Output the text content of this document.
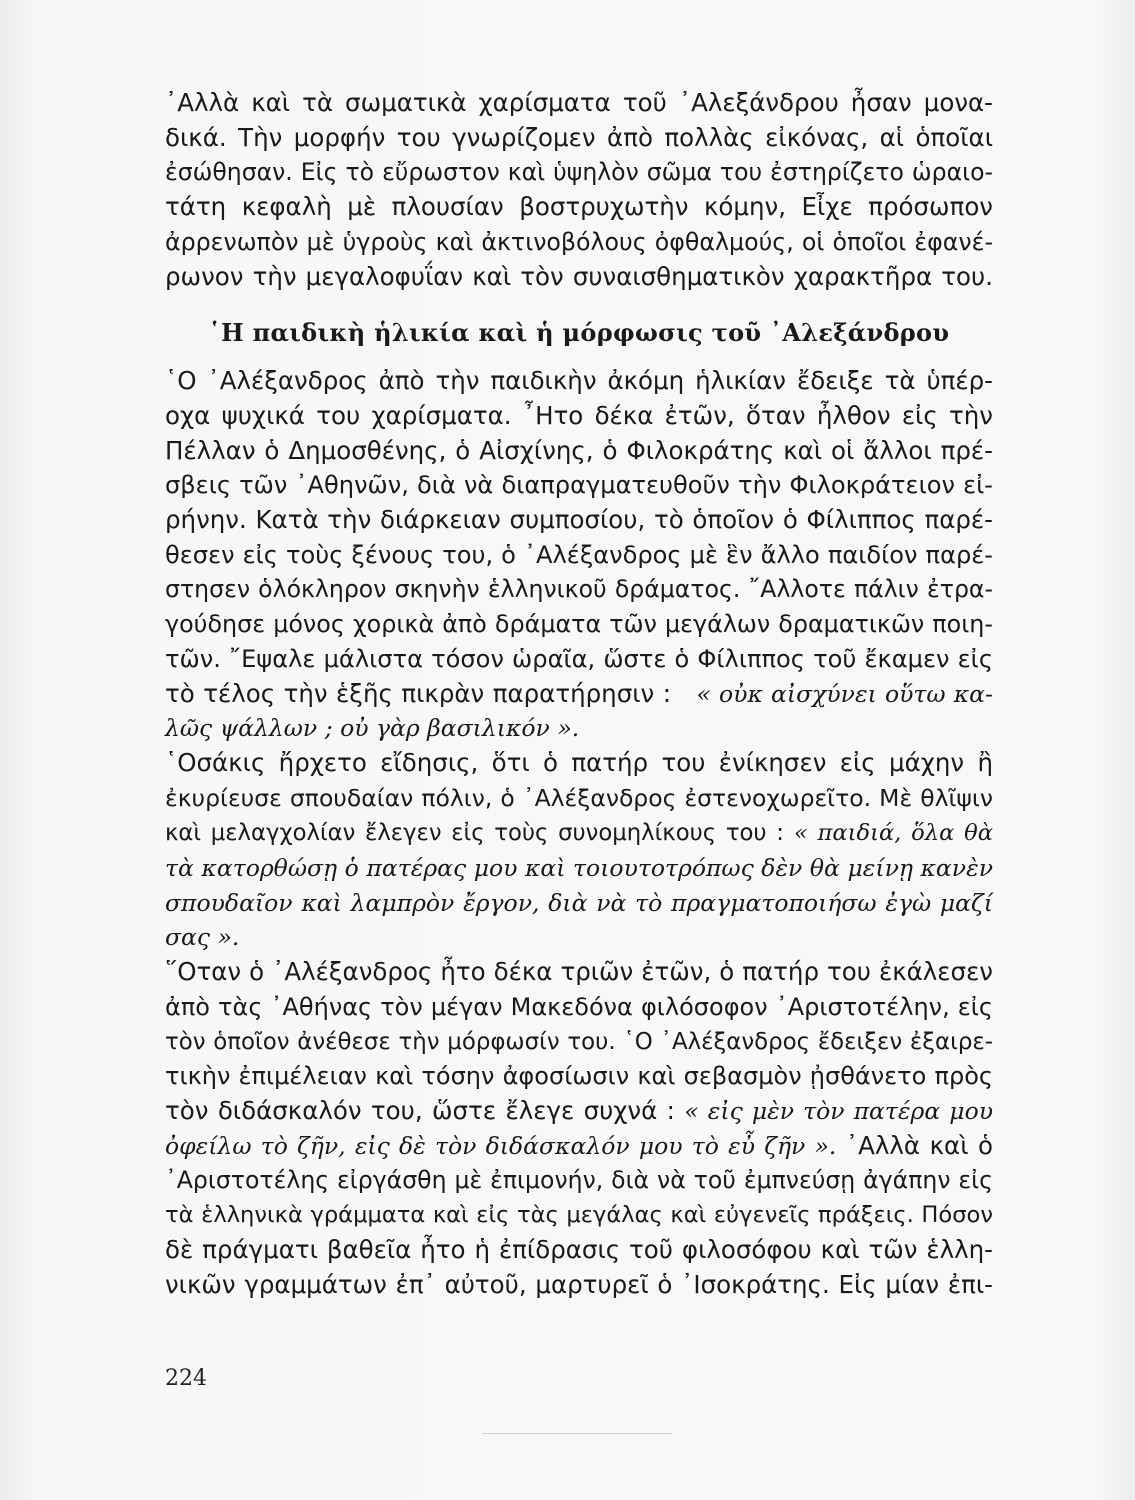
᾿Αλλὰ καὶ τὰ σωματικὰ χαρίσματα τοῦ ᾿Αλεξάνδρου ἦσαν μονα-
δικά. Τὴν μορφήν του γνωρίζομεν ἀπὸ πολλὰς εἰκόνας, αἱ ὁποῖαι
ἐσώθησαν. Εἰς τὸ εὔρωστον καὶ ὑψηλὸν σῶμα του ἐστηρίζετο ὡραιο-
τάτη κεφαλὴ μὲ πλουσίαν βοστρυχωτὴν κόμην, Εἶχε πρόσωπον
ἀρρενωπὸν μὲ ὑγροὺς καὶ ἀκτινοβόλους ὀφθαλμούς, οἱ ὁποῖοι ἐφανέ-
ρωνον τὴν μεγαλοφυΐαν καὶ τὸν συναισθηματικὸν χαρακτῆρα του.
῾Η παιδικὴ ἡλικία καὶ ἡ μόρφωσις τοῦ ᾿Αλεξάνδρου
῾Ο ᾿Αλέξανδρος ἀπὸ τὴν παιδικὴν ἀκόμη ἡλικίαν ἔδειξε τὰ ὑπέρ-
οχα ψυχικά του χαρίσματα. ῏Ητο δέκα ἐτῶν, ὅταν ἦλθον εἰς τὴν
Πέλλαν ὁ Δημοσθένης, ὁ Αἰσχίνης, ὁ Φιλοκράτης καὶ οἱ ἄλλοι πρέ-
σβεις τῶν ᾿Αθηνῶν, διὰ νὰ διαπραγματευθοῦν τὴν Φιλοκράτειον εἰ-
ρήνην. Κατὰ τὴν διάρκειαν συμποσίου, τὸ ὁποῖον ὁ Φίλιππος παρέ-
θεσεν εἰς τοὺς ξένους του, ὁ ᾿Αλέξανδρος μὲ ἓν ἄλλο παιδίον παρέ-
στησεν ὁλόκληρον σκηνὴν ἑλληνικοῦ δράματος. ῎Αλλοτε πάλιν ἐτρα-
γούδησε μόνος χορικὰ ἀπὸ δράματα τῶν μεγάλων δραματικῶν ποιη-
τῶν. ῎Εψαλε μάλιστα τόσον ὡραῖα, ὥστε ὁ Φίλιππος τοῦ ἔκαμεν εἰς
τὸ τέλος τὴν ἑξῆς πικρὰν παρατήρησιν : « οὐκ αἰσχύνει οὕτω κα-
λῶς ψάλλων ; οὐ γὰρ βασιλικόν ».
῾Οσάκις ἤρχετο εἴδησις, ὅτι ὁ πατήρ του ἐνίκησεν εἰς μάχην ἢ
ἐκυρίευσε σπουδαίαν πόλιν, ὁ ᾿Αλέξανδρος ἐστενοχωρεῖτο. Μὲ θλῖψιν
καὶ μελαγχολίαν ἔλεγεν εἰς τοὺς συνομηλίκους του : « παιδιά, ὅλα θὰ
τὰ κατορθώσῃ ὁ πατέρας μου καὶ τοιουτοτρόπως δὲν θὰ μείνῃ κανὲν
σπουδαῖον καὶ λαμπρὸν ἔργον, διὰ νὰ τὸ πραγματοποιήσω ἐγὼ μαζί
σας ».
῞Οταν ὁ ᾿Αλέξανδρος ἦτο δέκα τριῶν ἐτῶν, ὁ πατήρ του ἐκάλεσεν
ἀπὸ τὰς ᾿Αθήνας τὸν μέγαν Μακεδόνα φιλόσοφον ᾿Αριστοτέλην, εἰς
τὸν ὁποῖον ἀνέθεσε τὴν μόρφωσίν του. ῾Ο ᾿Αλέξανδρος ἔδειξεν ἐξαιρε-
τικὴν ἐπιμέλειαν καὶ τόσην ἀφοσίωσιν καὶ σεβασμὸν ᾐσθάνετο πρὸς
τὸν διδάσκαλόν του, ὥστε ἔλεγε συχνά : « εἰς μὲν τὸν πατέρα μου
ὀφείλω τὸ ζῆν, εἰς δὲ τὸν διδάσκαλόν μου τὸ εὖ ζῆν ». ᾿Αλλὰ καὶ ὁ
᾿Αριστοτέλης εἰργάσθη μὲ ἐπιμονήν, διὰ νὰ τοῦ ἐμπνεύσῃ ἀγάπην εἰς
τὰ ἑλληνικὰ γράμματα καὶ εἰς τὰς μεγάλας καὶ εὐγενεῖς πράξεις. Πόσον
δὲ πράγματι βαθεῖα ἦτο ἡ ἐπίδρασις τοῦ φιλοσόφου καὶ τῶν ἑλλη-
νικῶν γραμμάτων ἐπ᾿ αὐτοῦ, μαρτυρεῖ ὁ ᾿Ισοκράτης. Εἰς μίαν ἐπι-
224
